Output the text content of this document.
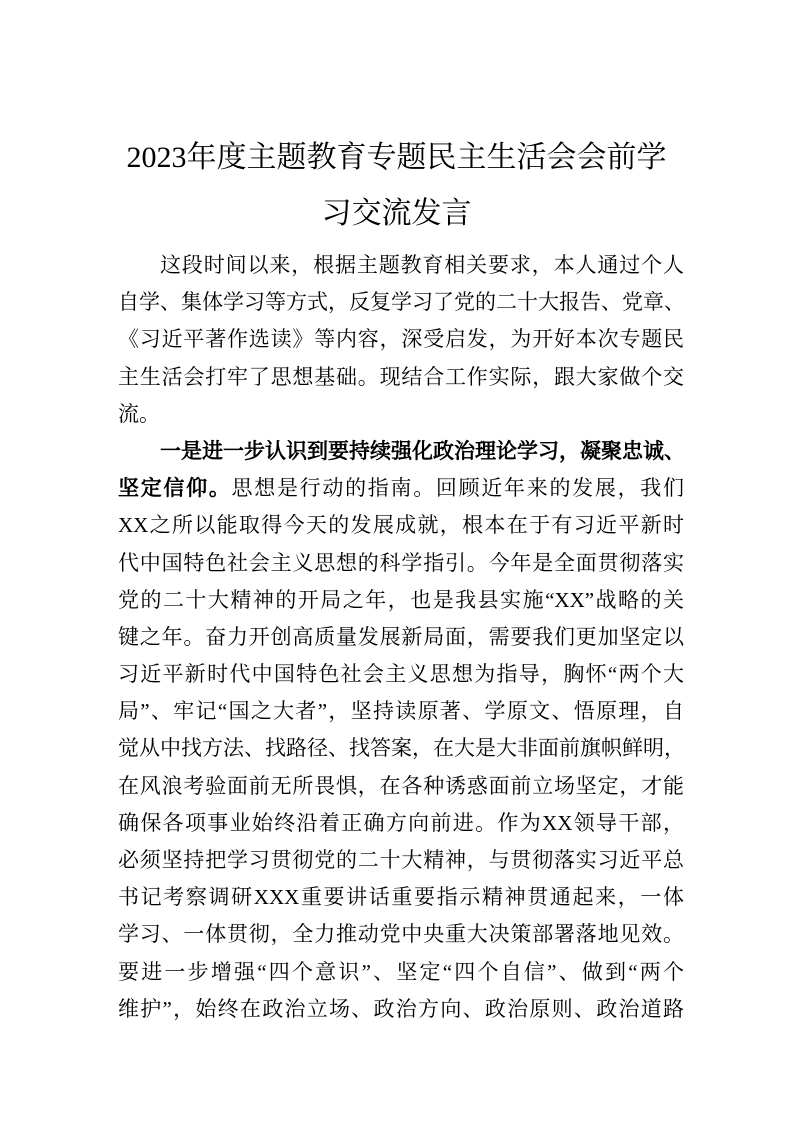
2023年度主题教育专题民主生活会会前学
习交流发言
这段时间以来，根据主题教育相关要求，本人通过个人
自学、集体学习等方式，反复学习了党的二十大报告、党章、
《习近平著作选读》等内容，深受启发，为开好本次专题民
主生活会打牢了思想基础。现结合工作实际，跟大家做个交
流。
一是进一步认识到要持续强化政治理论学习，凝聚忠诚、
坚定信仰。思想是行动的指南。回顾近年来的发展，我们
XX之所以能取得今天的发展成就，根本在于有习近平新时
代中国特色社会主义思想的科学指引。今年是全面贯彻落实
党的二十大精神的开局之年，也是我县实施“XX”战略的关
键之年。奋力开创高质量发展新局面，需要我们更加坚定以
习近平新时代中国特色社会主义思想为指导，胸怀“两个大
局”、牢记“国之大者”，坚持读原著、学原文、悟原理，自
觉从中找方法、找路径、找答案，在大是大非面前旗帜鲜明，
在风浪考验面前无所畏惧，在各种诱惑面前立场坚定，才能
确保各项事业始终沿着正确方向前进。作为XX领导干部，
必须坚持把学习贯彻党的二十大精神，与贯彻落实习近平总
书记考察调研XXX重要讲话重要指示精神贯通起来，一体
学习、一体贯彻，全力推动党中央重大决策部署落地见效。
要进一步增强“四个意识”、坚定“四个自信”、做到“两个
维护”，始终在政治立场、政治方向、政治原则、政治道路
